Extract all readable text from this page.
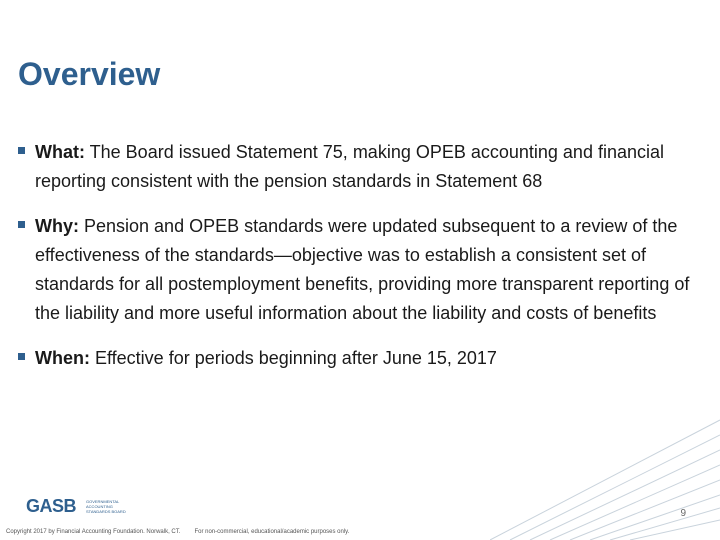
Overview
What: The Board issued Statement 75, making OPEB accounting and financial reporting consistent with the pension standards in Statement 68
Why: Pension and OPEB standards were updated subsequent to a review of the effectiveness of the standards—objective was to establish a consistent set of standards for all postemployment benefits, providing more transparent reporting of the liability and more useful information about the liability and costs of benefits
When: Effective for periods beginning after June 15, 2017
GASB GOVERNMENTAL ACCOUNTING STANDARDS BOARD	9
Copyright 2017 by Financial Accounting Foundation. Norwalk, CT. For non-commercial, educational/academic purposes only.
